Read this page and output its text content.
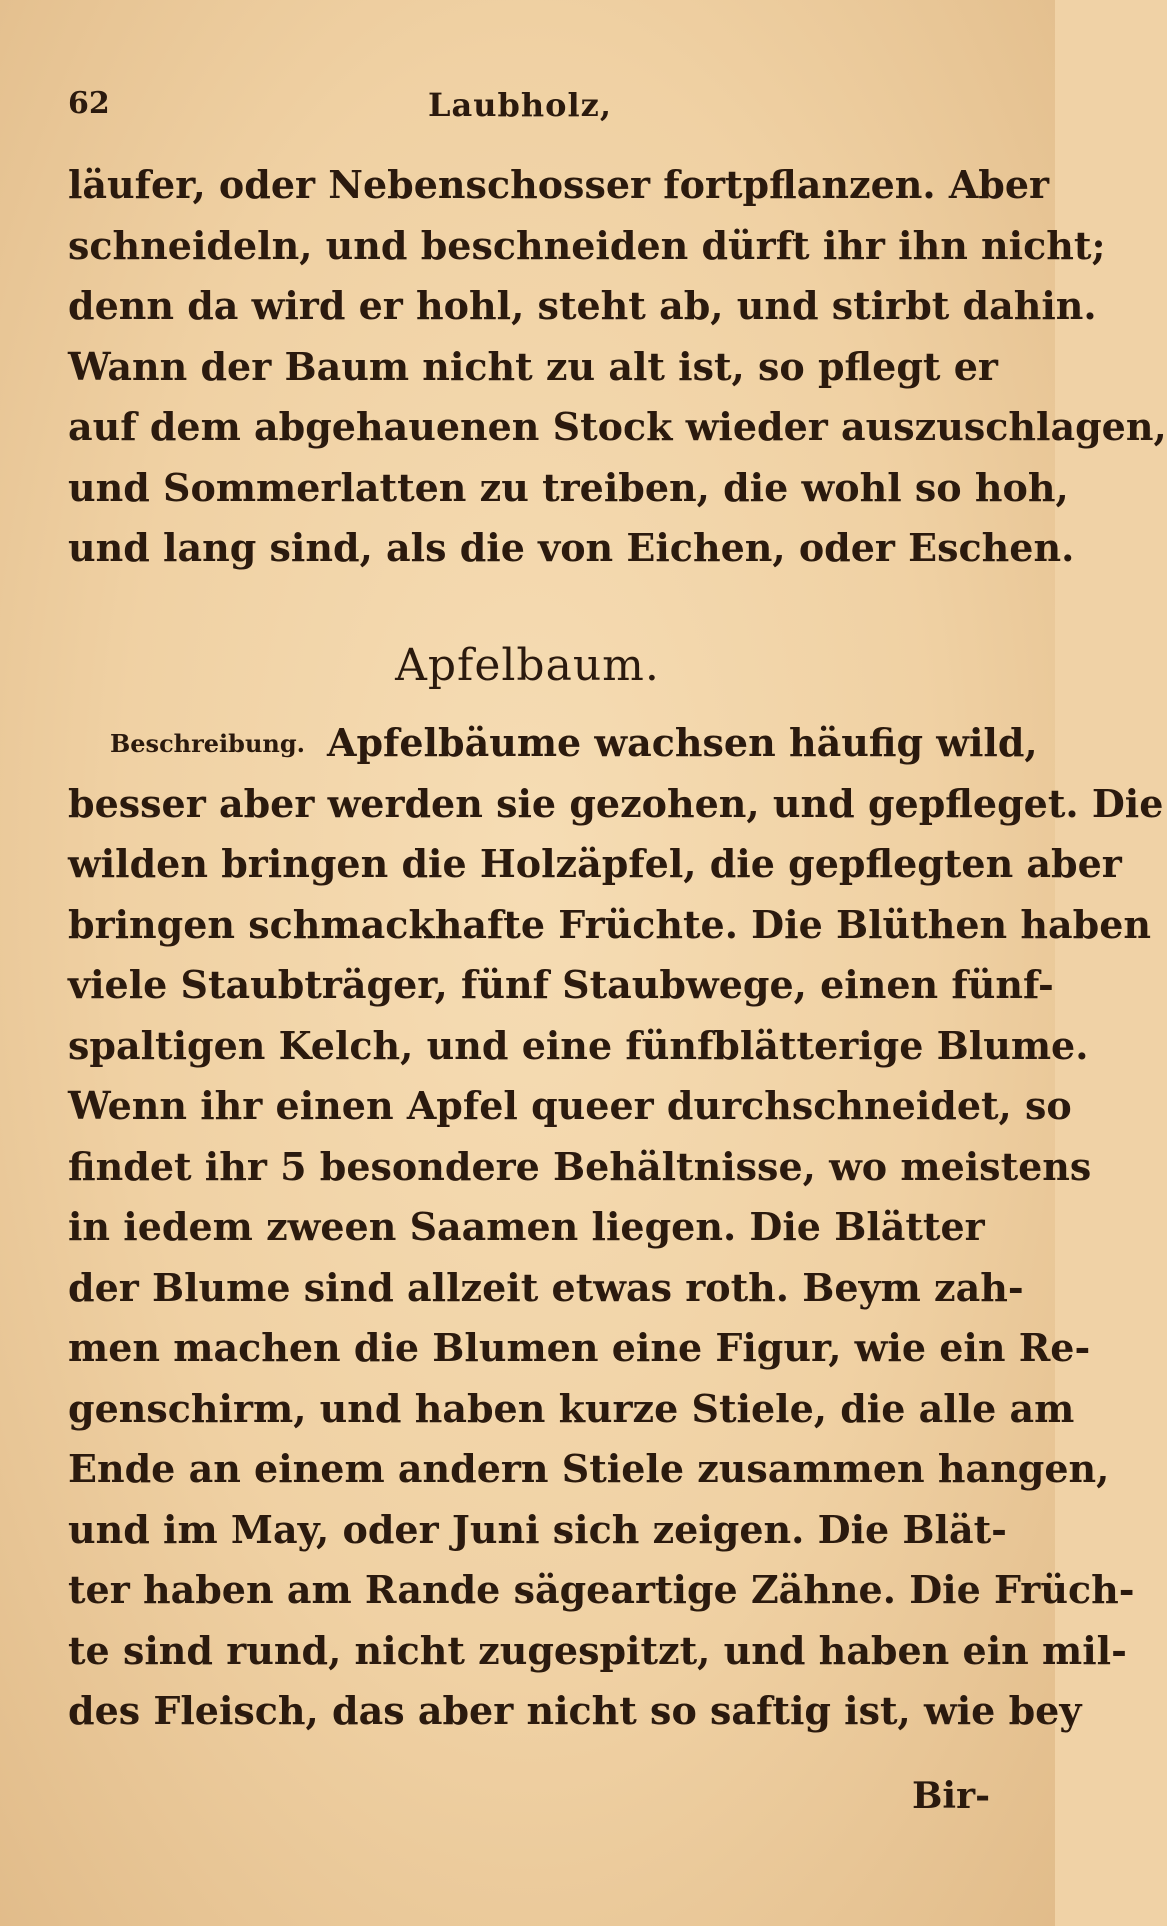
62	Laubholz,
läufer, oder Nebenschosser fortpflanzen. Aber
schneideln, und beschneiden dürft ihr ihn nicht;
denn da wird er hohl, steht ab, und stirbt dahin.
Wann der Baum nicht zu alt ist, so pflegt er
auf dem abgehauenen Stock wieder auszuschlagen,
und Sommerlatten zu treiben, die wohl so hoh,
und lang sind, als die von Eichen, oder Eschen.
Apfelbaum.
Beschreibung. Apfelbäume wachsen häufig wild,
besser aber werden sie gezohen, und gepfleget. Die
wilden bringen die Holzäpfel, die gepflegten aber
bringen schmackhafte Früchte. Die Blüthen haben
viele Staubträger, fünf Staubwege, einen fünf-
spaltigen Kelch, und eine fünfblätterige Blume.
Wenn ihr einen Apfel queer durchschneidet, so
findet ihr 5 besondere Behältnisse, wo meistens
in iedem zween Saamen liegen. Die Blätter
der Blume sind allzeit etwas roth. Beym zah-
men machen die Blumen eine Figur, wie ein Re-
genschirm, und haben kurze Stiele, die alle am
Ende an einem andern Stiele zusammen hangen,
und im May, oder Juni sich zeigen. Die Blät-
ter haben am Rande sägeartige Zähne. Die Früch-
te sind rund, nicht zugespitzt, und haben ein mil-
des Fleisch, das aber nicht so saftig ist, wie bey
Bir-
